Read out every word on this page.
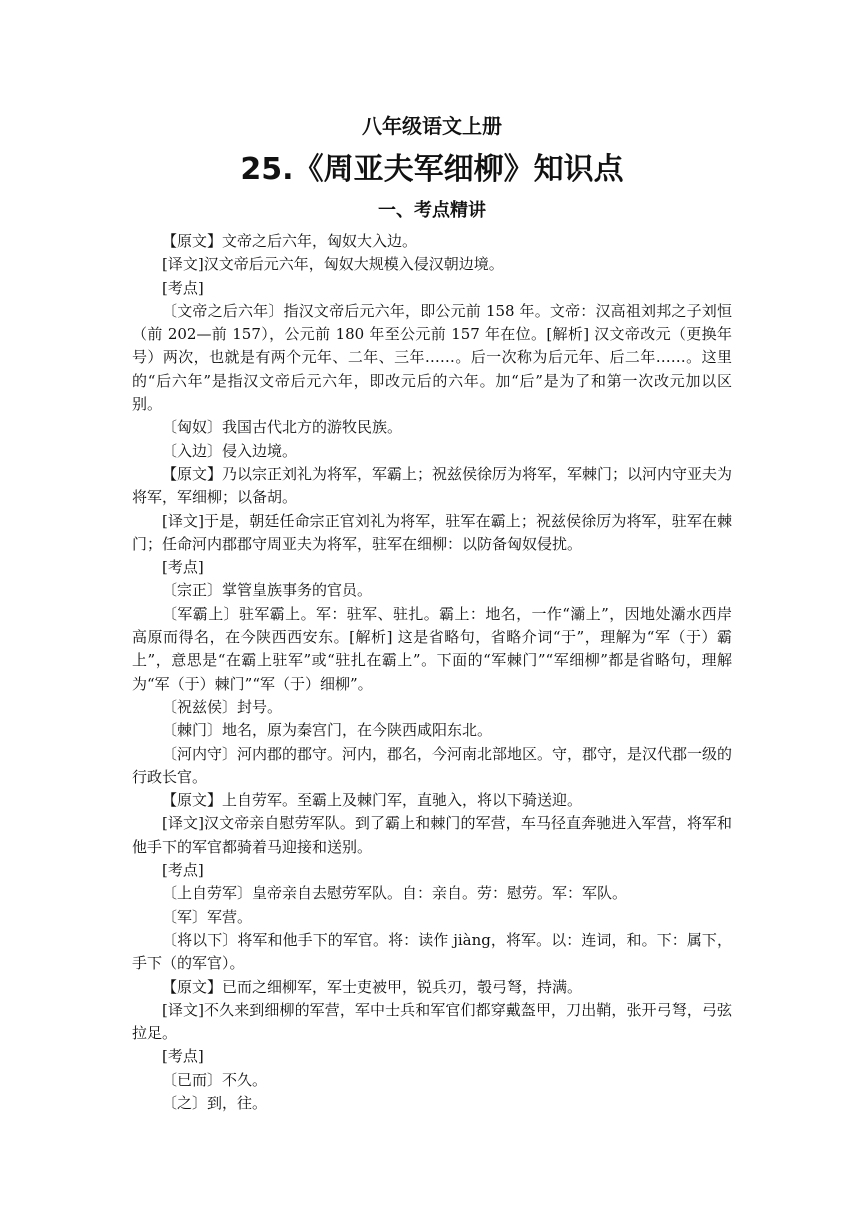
八年级语文上册
25.《周亚夫军细柳》知识点
一、考点精讲

【原文】文帝之后六年，匈奴大入边。

[译文]汉文帝后元六年，匈奴大规模入侵汉朝边境。

[考点]

〔文帝之后六年〕指汉文帝后元六年，即公元前 158 年。文帝：汉高祖刘邦之子刘恒（前 202—前 157），公元前 180 年至公元前 157 年在位。[解析] 汉文帝改元（更换年号）两次，也就是有两个元年、二年、三年……。后一次称为后元年、后二年……。这里的“后六年”是指汉文帝后元六年，即改元后的六年。加“后”是为了和第一次改元加以区别。

〔匈奴〕我国古代北方的游牧民族。

〔入边〕侵入边境。

【原文】乃以宗正刘礼为将军，军霸上；祝兹侯徐厉为将军，军棘门；以河内守亚夫为将军，军细柳；以备胡。

[译文]于是，朝廷任命宗正官刘礼为将军，驻军在霸上；祝兹侯徐厉为将军，驻军在棘门；任命河内郡郡守周亚夫为将军，驻军在细柳：以防备匈奴侵扰。

[考点]

〔宗正〕掌管皇族事务的官员。

〔军霸上〕驻军霸上。军：驻军、驻扎。霸上：地名，一作“灞上”，因地处灞水西岸高原而得名，在今陕西西安东。[解析] 这是省略句，省略介词“于”，理解为“军（于）霸上”，意思是“在霸上驻军”或“驻扎在霸上”。下面的“军棘门”“军细柳”都是省略句，理解为“军（于）棘门”“军（于）细柳”。

〔祝兹侯〕封号。

〔棘门〕地名，原为秦宫门，在今陕西咸阳东北。

〔河内守〕河内郡的郡守。河内，郡名，今河南北部地区。守，郡守，是汉代郡一级的行政长官。

【原文】上自劳军。至霸上及棘门军，直驰入，将以下骑送迎。

[译文]汉文帝亲自慰劳军队。到了霸上和棘门的军营，车马径直奔驰进入军营，将军和他手下的军官都骑着马迎接和送别。

[考点]

〔上自劳军〕皇帝亲自去慰劳军队。自：亲自。劳：慰劳。军：军队。

〔军〕军营。

〔将以下〕将军和他手下的军官。将：读作 jiàng，将军。以：连词，和。下：属下，手下（的军官）。

【原文】已而之细柳军，军士吏被甲，锐兵刃，彀弓弩，持满。

[译文]不久来到细柳的军营，军中士兵和军官们都穿戴盔甲，刀出鞘，张开弓弩，弓弦拉足。

[考点]

〔已而〕不久。

〔之〕到，往。
